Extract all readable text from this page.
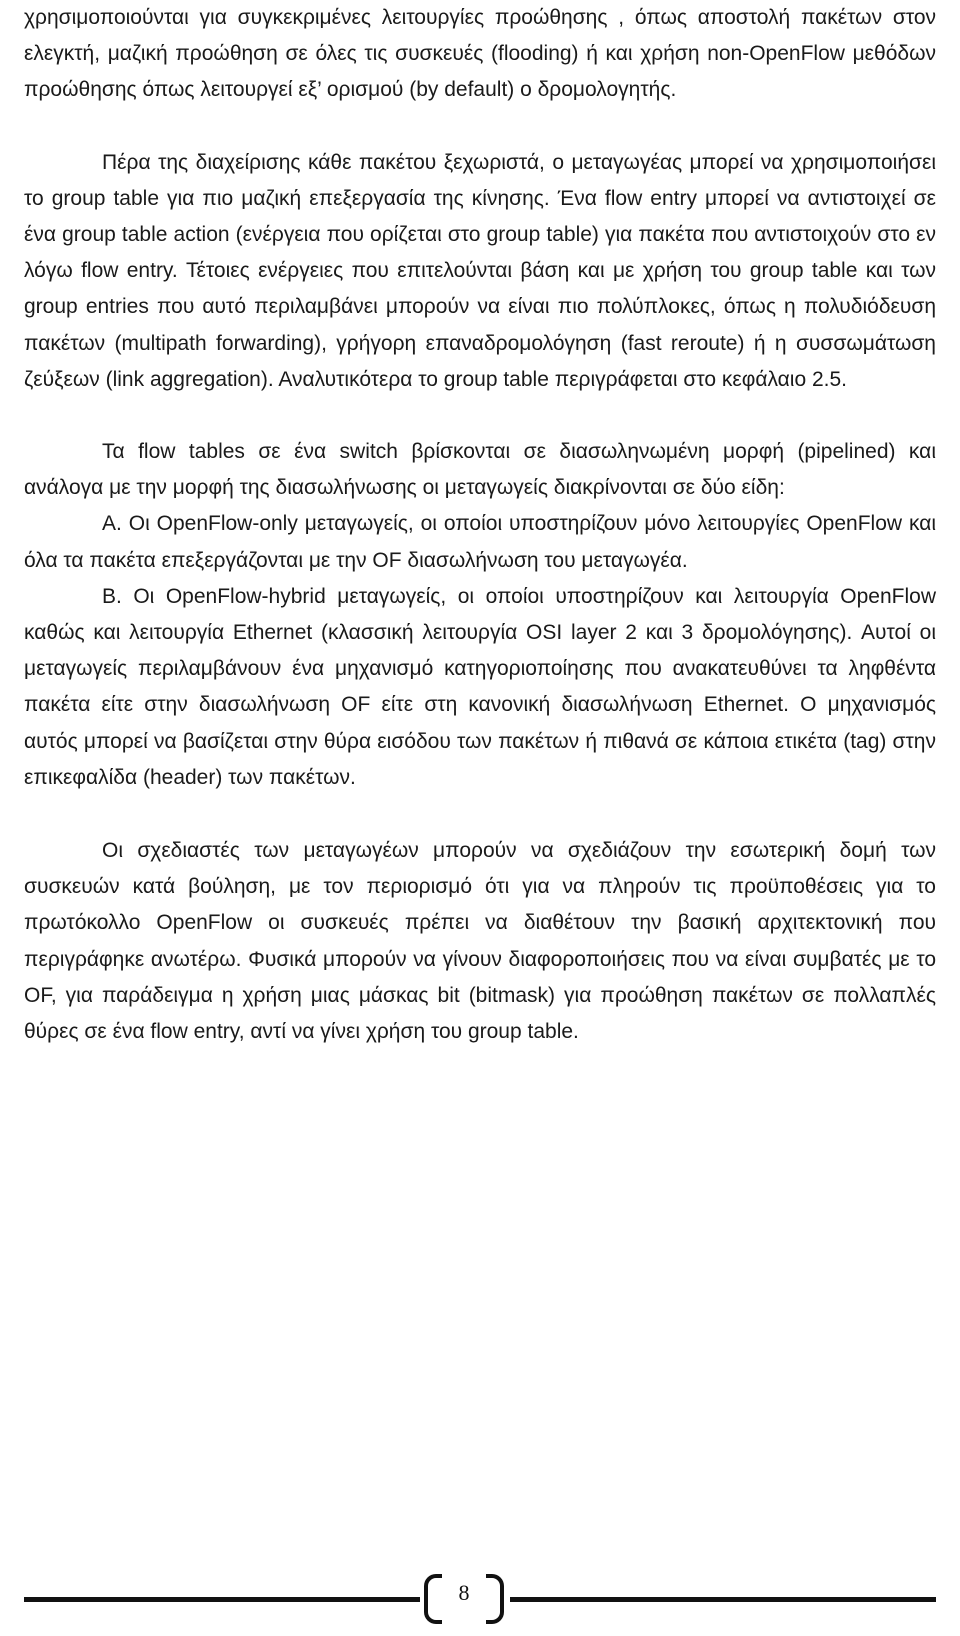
χρησιμοποιούνται για συγκεκριμένες λειτουργίες προώθησης , όπως αποστολή πακέτων στον ελεγκτή, μαζική προώθηση σε όλες τις συσκευές (flooding) ή και χρήση non-OpenFlow μεθόδων προώθησης όπως λειτουργεί εξ’ ορισμού (by default) ο δρομολογητής.

Πέρα της διαχείρισης κάθε πακέτου ξεχωριστά, ο μεταγωγέας μπορεί να χρησιμοποιήσει το group table για πιο μαζική επεξεργασία της κίνησης. Ένα flow entry μπορεί να αντιστοιχεί σε ένα group table action (ενέργεια που ορίζεται στο group table) για πακέτα που αντιστοιχούν στο εν λόγω flow entry. Τέτοιες ενέργειες που επιτελούνται βάση και με χρήση του group table και των group entries που αυτό περιλαμβάνει μπορούν να είναι πιο πολύπλοκες, όπως η πολυδιόδευση πακέτων (multipath forwarding), γρήγορη επαναδρομολόγηση (fast reroute) ή η συσσωμάτωση ζεύξεων (link aggregation). Αναλυτικότερα το group table περιγράφεται στο κεφάλαιο 2.5.

Τα flow tables σε ένα switch βρίσκονται σε διασωληνωμένη μορφή (pipelined) και ανάλογα με την μορφή της διασωλήνωσης οι μεταγωγείς διακρίνονται σε δύο είδη:

Α. Οι OpenFlow-only μεταγωγείς, οι οποίοι υποστηρίζουν μόνο λειτουργίες OpenFlow και όλα τα πακέτα επεξεργάζονται με την OF διασωλήνωση του μεταγωγέα.

Β. Οι OpenFlow-hybrid μεταγωγείς, οι οποίοι υποστηρίζουν και λειτουργία OpenFlow καθώς και λειτουργία Ethernet (κλασσική λειτουργία OSI layer 2 και 3 δρομολόγησης). Αυτοί οι μεταγωγείς περιλαμβάνουν ένα μηχανισμό κατηγοριοποίησης που ανακατευθύνει τα ληφθέντα πακέτα είτε στην διασωλήνωση OF είτε στη κανονική διασωλήνωση Ethernet. Ο μηχανισμός αυτός μπορεί να βασίζεται στην θύρα εισόδου των πακέτων ή πιθανά σε κάποια ετικέτα (tag) στην επικεφαλίδα (header) των πακέτων.

Οι σχεδιαστές των μεταγωγέων μπορούν να σχεδιάζουν την εσωτερική δομή των συσκευών κατά βούληση, με τον περιορισμό ότι για να πληρούν τις προϋποθέσεις για το πρωτόκολλο OpenFlow οι συσκευές πρέπει να διαθέτουν την βασική αρχιτεκτονική που περιγράφηκε ανωτέρω. Φυσικά μπορούν να γίνουν διαφοροποιήσεις που να είναι συμβατές με το OF, για παράδειγμα η χρήση μιας μάσκας bit (bitmask) για προώθηση πακέτων σε πολλαπλές θύρες σε ένα flow entry, αντί να γίνει χρήση του group table.

8
